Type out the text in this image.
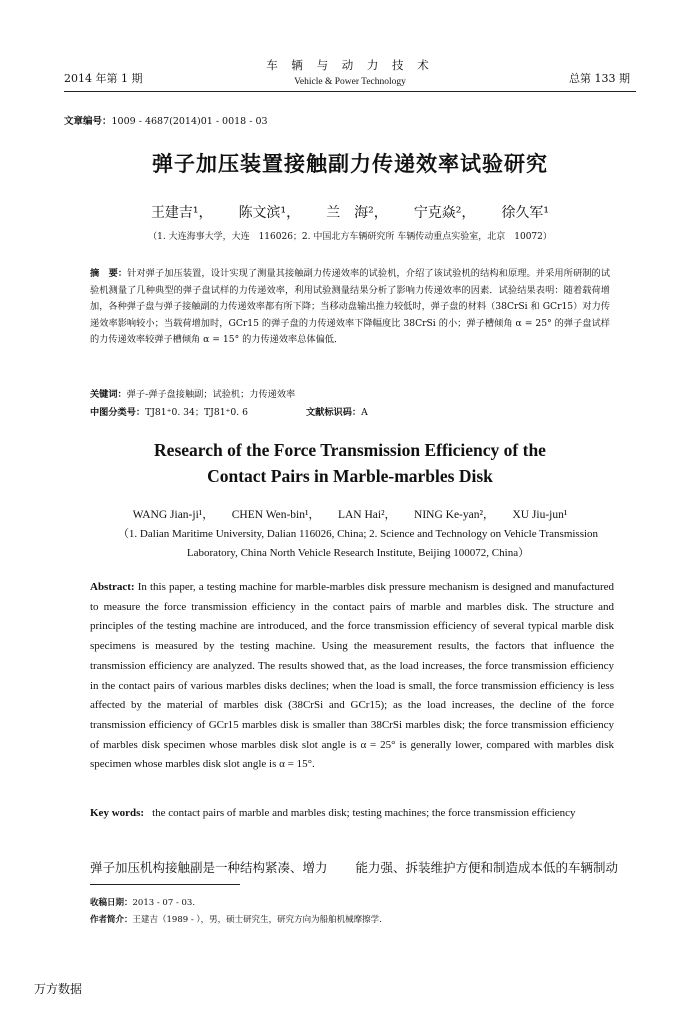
2014 年第 1 期
车 辆 与 动 力 技 术
Vehicle & Power Technology	总第 133 期
文章编号：1009 - 4687(2014)01 - 0018 - 03
弹子加压装置接触副力传递效率试验研究
王建吉¹， 陈文滨¹， 兰　海²， 宁克焱²， 徐久军¹
（1. 大连海事大学，大连　116026；2. 中国北方车辆研究所 车辆传动重点实验室，北京　10072）
摘　要：针对弹子加压装置，设计实现了测量其接触副力传递效率的试验机，介绍了该试验机的结构和原理。并采用所研制的试验机测量了几种典型的弹子盘试样的力传递效率，利用试验测量结果分析了影响力传递效率的因素．试验结果表明：随着载荷增加，各种弹子盘与弹子接触副的力传递效率都有所下降；当移动盘输出推力较低时，弹子盘的材料（38CrSi 和 GCr15）对力传递效率影响较小；当载荷增加时，GCr15 的弹子盘的力传递效率下降幅度比 38CrSi 的小；弹子槽倾角 α = 25° 的弹子盘试样的力传递效率较弹子槽倾角 α = 15° 的力传递效率总体偏低．
关键词：弹子-弹子盘接触副；试验机；力传递效率
中图分类号：TJ81⁺0. 34；TJ81⁺0. 6	文献标识码：A
Research of the Force Transmission Efficiency of the
Contact Pairs in Marble-marbles Disk
WANG Jian-ji¹， CHEN Wen-bin¹， LAN Hai²， NING Ke-yan²， XU Jiu-jun¹
（1. Dalian Maritime University, Dalian 116026, China; 2. Science and Technology on Vehicle Transmission Laboratory, China North Vehicle Research Institute, Beijing 100072, China）
Abstract: In this paper, a testing machine for marble-marbles disk pressure mechanism is designed and manufactured to measure the force transmission efficiency in the contact pairs of marble and marbles disk. The structure and principles of the testing machine are introduced, and the force transmission efficiency of several typical marble disk specimens is measured by the testing machine. Using the measurement results, the factors that influence the transmission efficiency are analyzed. The results showed that, as the load increases, the force transmission efficiency in the contact pairs of various marbles disks declines; when the load is small, the force transmission efficiency is less affected by the material of marbles disk (38CrSi and GCr15); as the load increases, the decline of the force transmission efficiency of GCr15 marbles disk is smaller than 38CrSi marbles disk; the force transmission efficiency of marbles disk specimen whose marbles disk slot angle is α = 25° is generally lower, compared with marbles disk specimen whose marbles disk slot angle is α = 15°.
Key words: the contact pairs of marble and marbles disk; testing machines; the force transmission efficiency
弹子加压机构接触副是一种结构紧凑、增力 能力强、拆装维护方便和制造成本低的车辆制动
收稿日期：2013 - 07 - 03.
作者简介：王建吉（1989 - ），男，硕士研究生，研究方向为船舶机械摩擦学.
万方数据
